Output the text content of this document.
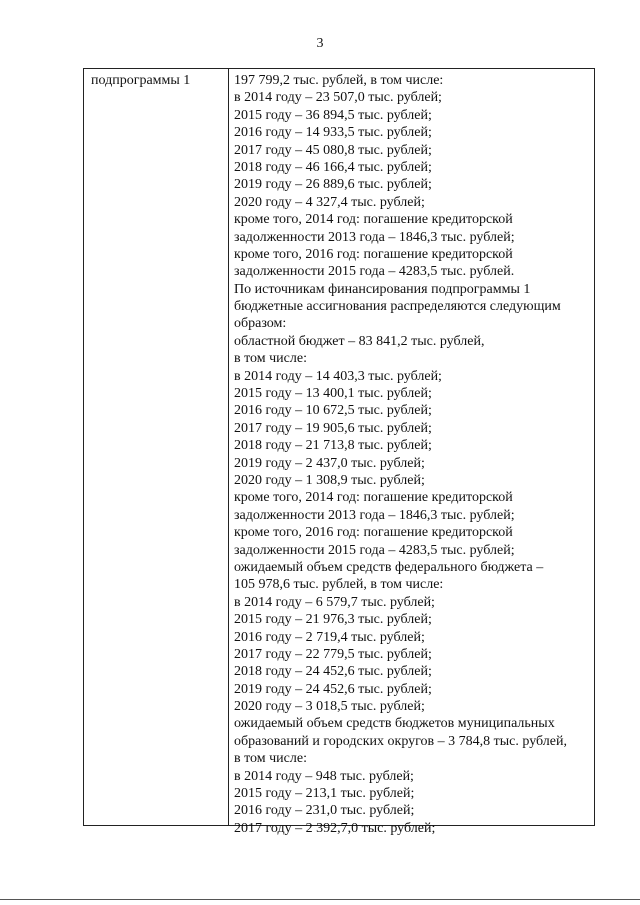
3
подпрограммы 1	197 799,2 тыс. рублей, в том числе:
в 2014 году – 23 507,0 тыс. рублей;
2015 году – 36 894,5 тыс. рублей;
2016 году – 14 933,5 тыс. рублей;
2017 году – 45 080,8 тыс. рублей;
2018 году – 46 166,4 тыс. рублей;
2019 году – 26 889,6 тыс. рублей;
2020 году – 4 327,4 тыс. рублей;
кроме того, 2014 год: погашение кредиторской
задолженности 2013 года – 1846,3 тыс. рублей;
кроме того, 2016 год: погашение кредиторской
задолженности 2015 года – 4283,5 тыс. рублей.
По источникам финансирования подпрограммы 1
бюджетные ассигнования распределяются следующим
образом:
областной бюджет – 83 841,2 тыс. рублей,
в том числе:
в 2014 году – 14 403,3 тыс. рублей;
2015 году – 13 400,1 тыс. рублей;
2016 году – 10 672,5 тыс. рублей;
2017 году – 19 905,6 тыс. рублей;
2018 году – 21 713,8 тыс. рублей;
2019 году – 2 437,0 тыс. рублей;
2020 году – 1 308,9 тыс. рублей;
кроме того, 2014 год: погашение кредиторской
задолженности 2013 года – 1846,3 тыс. рублей;
кроме того, 2016 год: погашение кредиторской
задолженности 2015 года – 4283,5 тыс. рублей;
ожидаемый объем средств федерального бюджета –
105 978,6 тыс. рублей, в том числе:
в 2014 году – 6 579,7 тыс. рублей;
2015 году – 21 976,3 тыс. рублей;
2016 году – 2 719,4 тыс. рублей;
2017 году – 22 779,5 тыс. рублей;
2018 году – 24 452,6 тыс. рублей;
2019 году – 24 452,6 тыс. рублей;
2020 году – 3 018,5 тыс. рублей;
ожидаемый объем средств бюджетов муниципальных
образований и городских округов – 3 784,8 тыс. рублей,
в том числе:
в 2014 году – 948 тыс. рублей;
2015 году – 213,1 тыс. рублей;
2016 году – 231,0 тыс. рублей;
2017 году – 2 392,7,0 тыс. рублей;
